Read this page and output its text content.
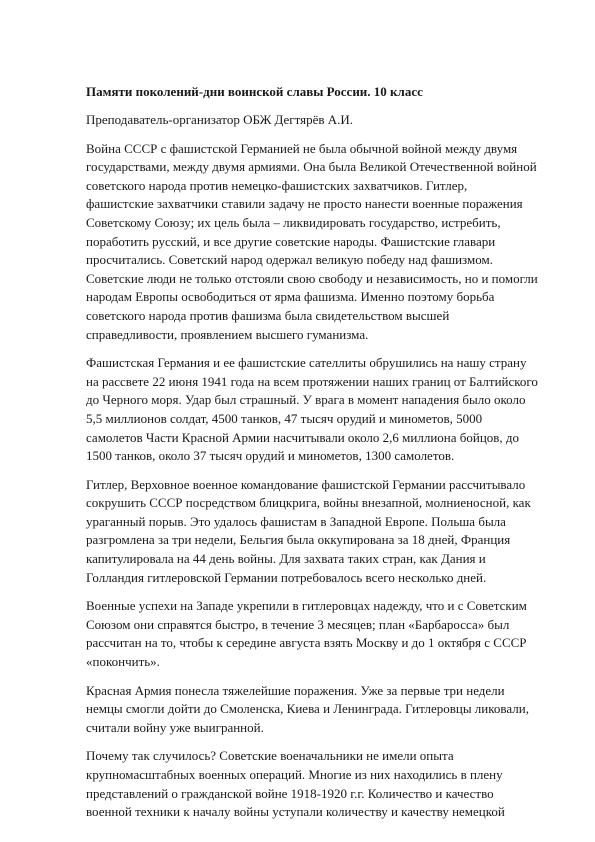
Памяти поколений-дни воинской славы России. 10 класс

Преподаватель-организатор ОБЖ Дегтярёв А.И.

Война СССР с фашистской Германией не была обычной войной между двумя государствами, между двумя армиями. Она была Великой Отечественной войной советского народа против немецко-фашистских захватчиков. Гитлер, фашистские захватчики ставили задачу не просто нанести военные поражения Советскому Союзу; их цель была – ликвидировать государство, истребить, поработить русский, и все другие советские народы. Фашистские главари просчитались. Советский народ одержал великую победу над фашизмом. Советские люди не только отстояли свою свободу и независимость, но и помогли народам Европы освободиться от ярма фашизма. Именно поэтому борьба советского народа против фашизма была свидетельством высшей справедливости, проявлением высшего гуманизма.

Фашистская Германия и ее фашистские сателлиты обрушились на нашу страну на рассвете 22 июня 1941 года на всем протяжении наших границ от Балтийского до Черного моря. Удар был страшный. У врага в момент нападения было около 5,5 миллионов солдат, 4500 танков, 47 тысяч орудий и минометов, 5000 самолетов Части Красной Армии насчитывали около 2,6 миллиона бойцов, до 1500 танков, около 37 тысяч орудий и минометов, 1300 самолетов.

Гитлер, Верховное военное командование фашистской Германии рассчитывало сокрушить СССР посредством блицкрига, войны внезапной, молниеносной, как ураганный порыв. Это удалось фашистам в Западной Европе. Польша была разгромлена за три недели, Бельгия была оккупирована за 18 дней, Франция капитулировала на 44 день войны. Для захвата таких стран, как Дания и Голландия гитлеровской Германии потребовалось всего несколько дней.

Военные успехи на Западе укрепили в гитлеровцах надежду, что и с Советским Союзом они справятся быстро, в течение 3 месяцев; план «Барбаросса» был рассчитан на то, чтобы к середине августа взять Москву и до 1 октября с СССР «покончить».

Красная Армия понесла тяжелейшие поражения. Уже за первые три недели немцы смогли дойти до Смоленска, Киева и Ленинграда. Гитлеровцы ликовали, считали войну уже выигранной.

Почему так случилось? Советские военачальники не имели опыта крупномасштабных военных операций. Многие из них находились в плену представлений о гражданской войне 1918-1920 г.г. Количество и качество военной техники к началу войны уступали количеству и качеству немецкой
